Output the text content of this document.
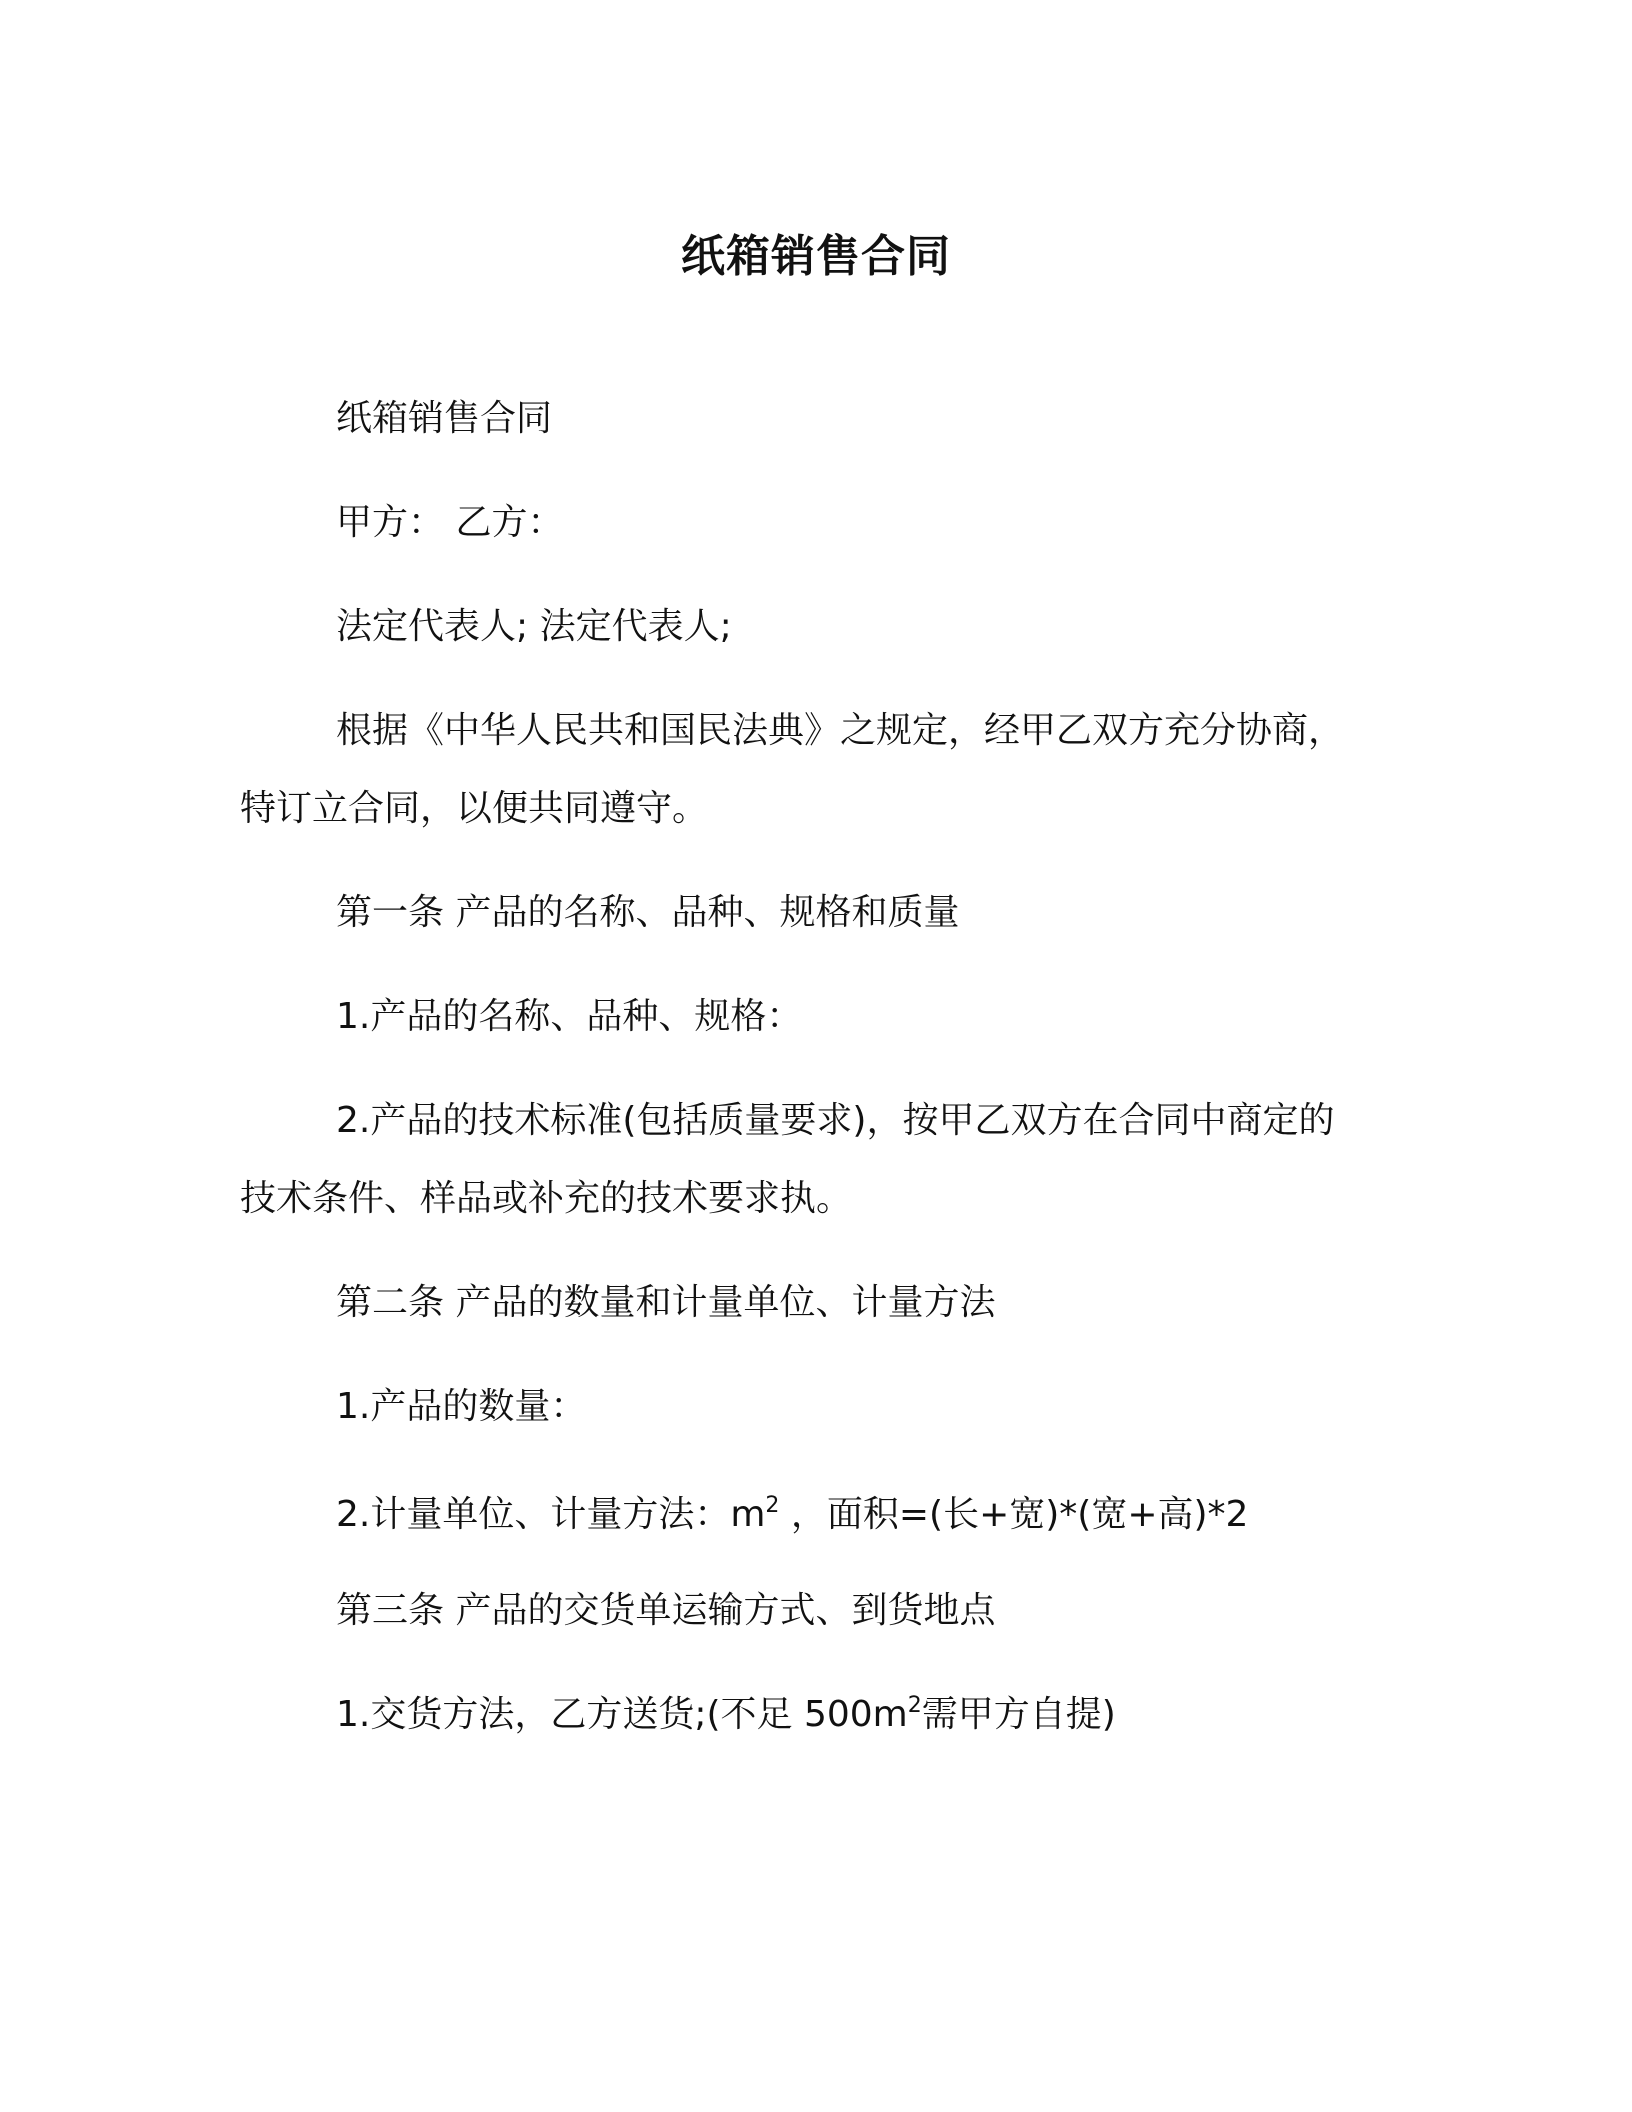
纸箱销售合同

纸箱销售合同

甲方： 乙方：

法定代表人; 法定代表人;

根据《中华人民共和国民法典》之规定，经甲乙双方充分协商，特订立合同，以便共同遵守。

第一条 产品的名称、品种、规格和质量

1.产品的名称、品种、规格：

2.产品的技术标准(包括质量要求)，按甲乙双方在合同中商定的技术条件、样品或补充的技术要求执。

第二条 产品的数量和计量单位、计量方法

1.产品的数量：

2.计量单位、计量方法：$m^2$ ，面积=(长+宽)*(宽+高)*2

第三条 产品的交货单运输方式、到货地点

1.交货方法，乙方送货;(不足 $500m^2$需甲方自提)
